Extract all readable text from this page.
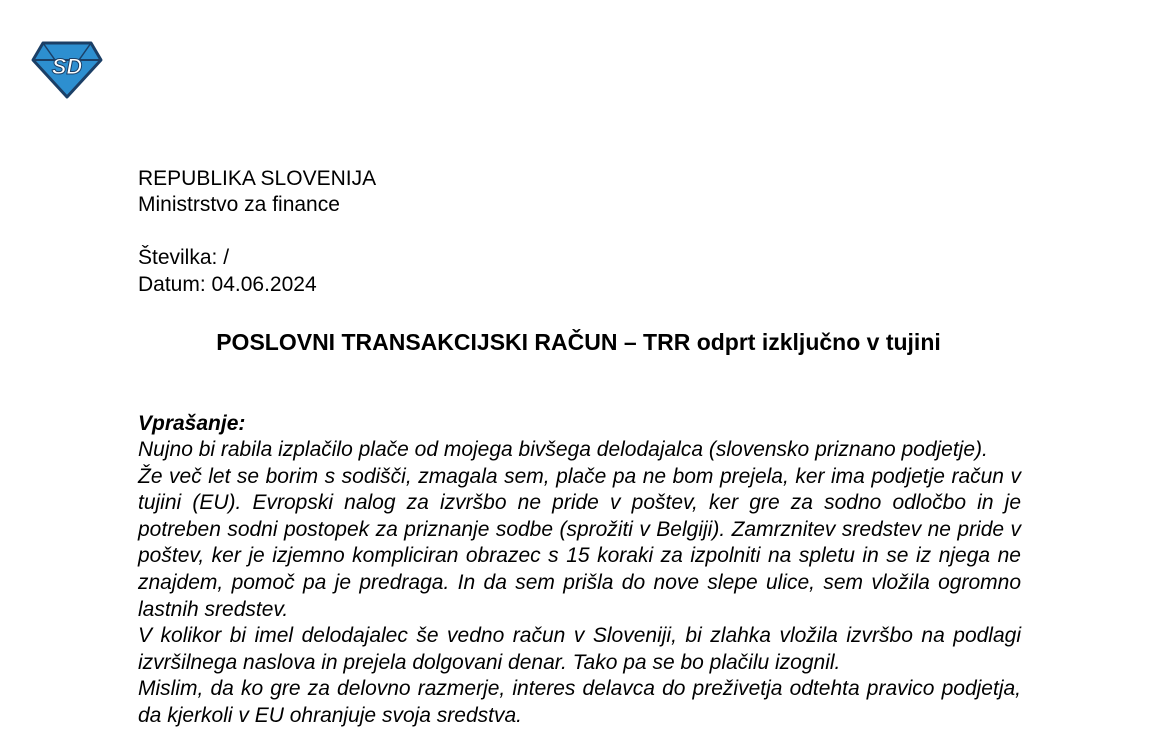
SD
REPUBLIKA SLOVENIJA
Ministrstvo za finance
Številka: /
Datum: 04.06.2024
POSLOVNI TRANSAKCIJSKI RAČUN – TRR odprt izključno v tujini
Vprašanje:

Nujno bi rabila izplačilo plače od mojega bivšega delodajalca (slovensko priznano podjetje).

Že več let se borim s sodišči, zmagala sem, plače pa ne bom prejela, ker ima podjetje račun v tujini (EU). Evropski nalog za izvršbo ne pride v poštev, ker gre za sodno odločbo in je potreben sodni postopek za priznanje sodbe (sprožiti v Belgiji). Zamrznitev sredstev ne pride v poštev, ker je izjemno kompliciran obrazec s 15 koraki za izpolniti na spletu in se iz njega ne znajdem, pomoč pa je predraga. In da sem prišla do nove slepe ulice, sem vložila ogromno lastnih sredstev.

V kolikor bi imel delodajalec še vedno račun v Sloveniji, bi zlahka vložila izvršbo na podlagi izvršilnega naslova in prejela dolgovani denar. Tako pa se bo plačilu izognil.

Mislim, da ko gre za delovno razmerje, interes delavca do preživetja odtehta pravico podjetja, da kjerkoli v EU ohranjuje svoja sredstva.
